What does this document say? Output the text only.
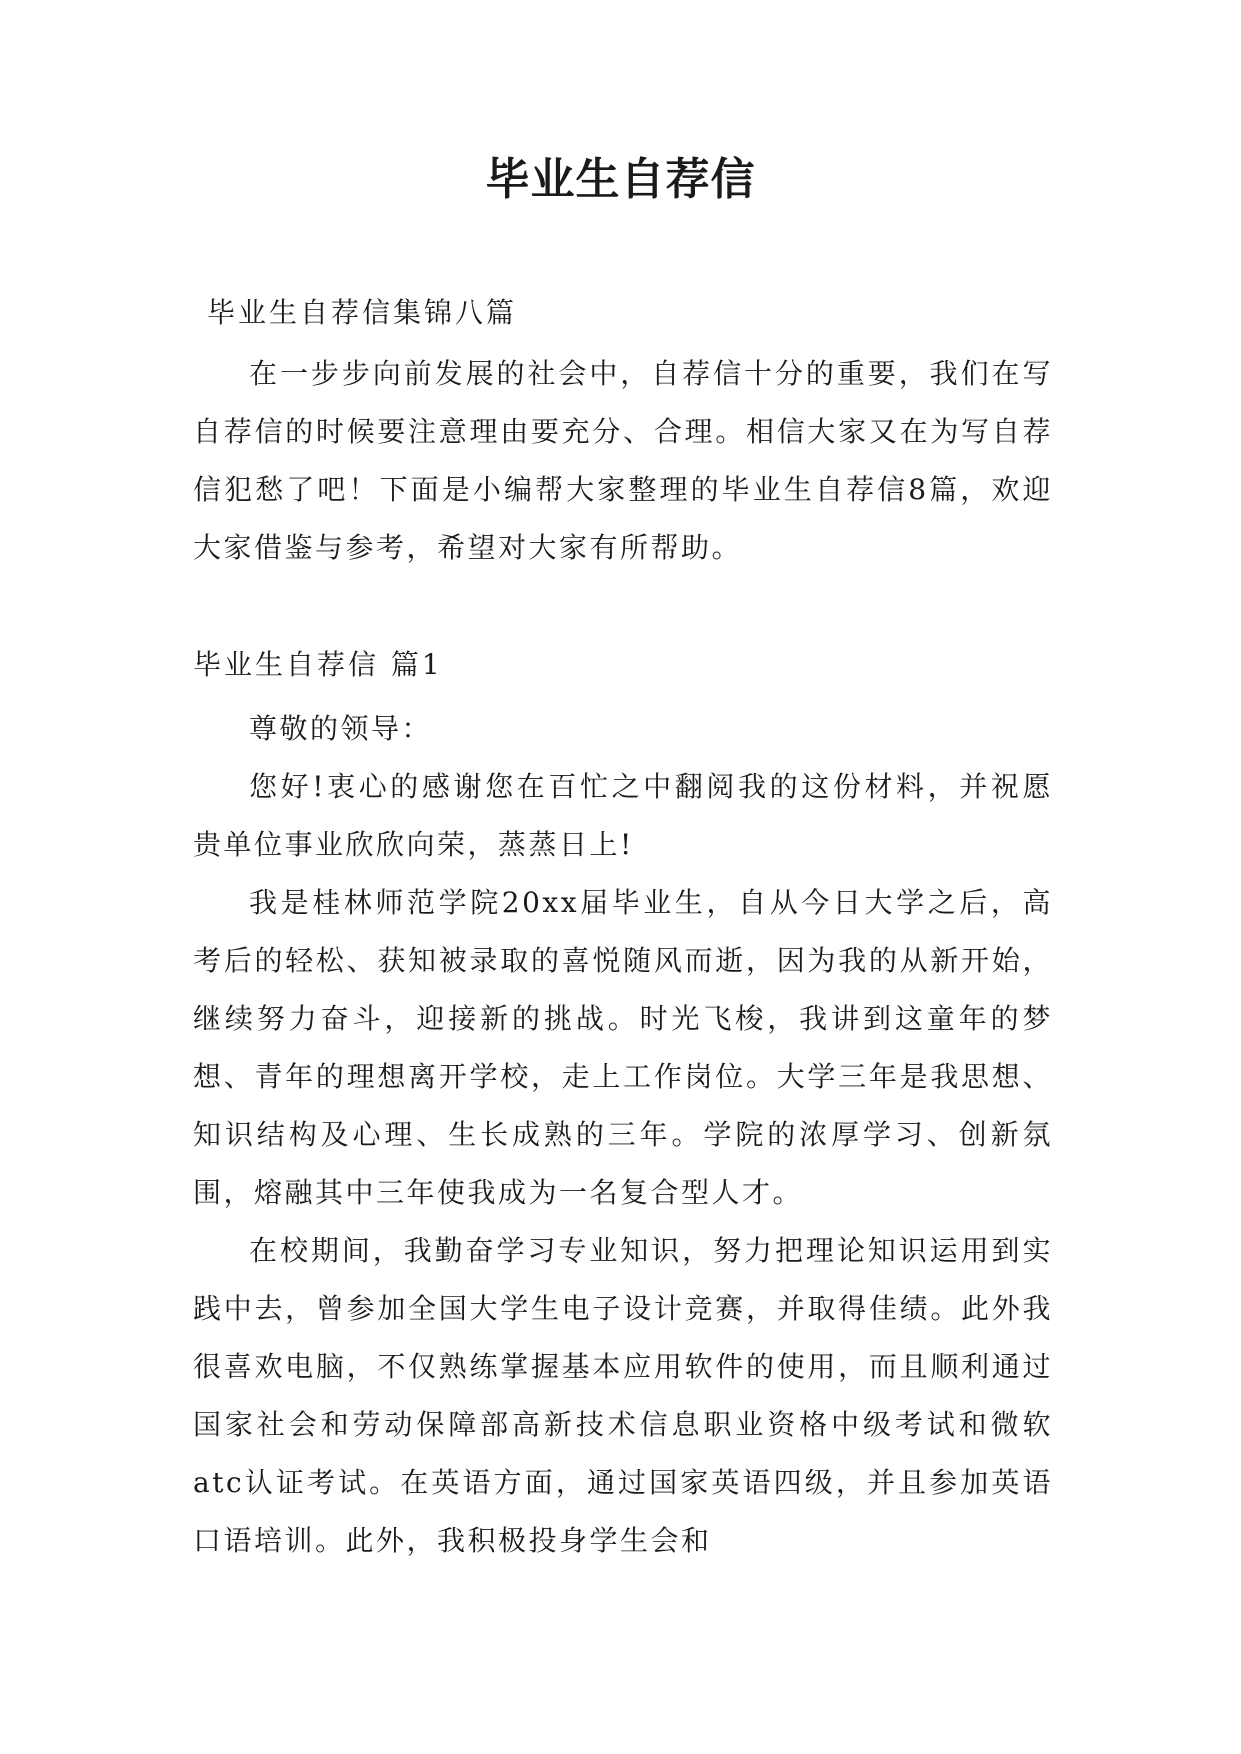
毕业生自荐信
毕业生自荐信集锦八篇

在一步步向前发展的社会中，自荐信十分的重要，我们在写自荐信的时候要注意理由要充分、合理。相信大家又在为写自荐信犯愁了吧！下面是小编帮大家整理的毕业生自荐信8篇，欢迎大家借鉴与参考，希望对大家有所帮助。

毕业生自荐信 篇1

尊敬的领导：

您好!衷心的感谢您在百忙之中翻阅我的这份材料，并祝愿贵单位事业欣欣向荣，蒸蒸日上!

我是桂林师范学院20xx届毕业生，自从今日大学之后，高考后的轻松、获知被录取的喜悦随风而逝，因为我的从新开始，继续努力奋斗，迎接新的挑战。时光飞梭，我讲到这童年的梦想、青年的理想离开学校，走上工作岗位。大学三年是我思想、知识结构及心理、生长成熟的三年。学院的浓厚学习、创新氛围，熔融其中三年使我成为一名复合型人才。

在校期间，我勤奋学习专业知识，努力把理论知识运用到实践中去，曾参加全国大学生电子设计竞赛，并取得佳绩。此外我很喜欢电脑，不仅熟练掌握基本应用软件的使用，而且顺利通过国家社会和劳动保障部高新技术信息职业资格中级考试和微软atc认证考试。在英语方面，通过国家英语四级，并且参加英语口语培训。此外，我积极投身学生会和
